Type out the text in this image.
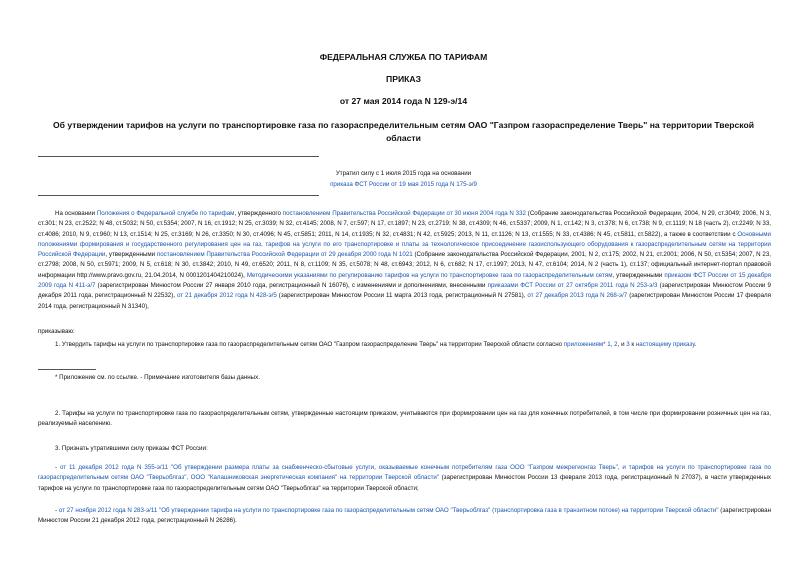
ФЕДЕРАЛЬНАЯ СЛУЖБА ПО ТАРИФАМ
ПРИКАЗ
от 27 мая 2014 года N 129-э/14
Об утверждении тарифов на услуги по транспортировке газа по газораспределительным сетям ОАО "Газпром газораспределение Тверь" на территории Тверской области
Утратил силу с 1 июля 2015 года на основании
приказа ФСТ России от 19 мая 2015 года N 175-э/9
На основании Положения о Федеральной службе по тарифам, утвержденного постановлением Правительства Российской Федерации от 30 июня 2004 года N 332 (Собрание законодательства Российской Федерации, 2004, N 29, ст.3049; 2006, N 3, ст.301; N 23, ст.2522; N 48, ст.5032; N 50, ст.5354; 2007, N 16, ст.1912; N 25, ст.3039; N 32, ст.4145; 2008, N 7, ст.597; N 17, ст.1897; N 23, ст.2719; N 38, ст.4309; N 46, ст.5337; 2009, N 1, ст.142; N 3, ст.378; N 6, ст.738; N 9, ст.1119; N 18 (часть 2), ст.2249; N 33, ст.4086; 2010, N 9, ст.960; N 13, ст.1514; N 25, ст.3169; N 26, ст.3350; N 30, ст.4096; N 45, ст.5851; 2011, N 14, ст.1935; N 32, ст.4831; N 42, ст.5925; 2013, N 11, ст.1126; N 13, ст.1555; N 33, ст.4386; N 45, ст.5811, ст.5822), а также в соответствии с Основными положениями формирования и государственного регулирования цен на газ, тарифов на услуги по его транспортировке и платы за технологическое присоединение газоиспользующего оборудования к газораспределительным сетям на территории Российской Федерации, утвержденными постановлением Правительства Российской Федерации от 29 декабря 2000 года N 1021 (Собрание законодательства Российской Федерации, 2001, N 2, ст.175; 2002, N 21, ст.2001; 2006, N 50, ст.5354; 2007, N 23, ст.2798; 2008, N 50, ст.5971; 2009, N 5, ст.618; N 30, ст.3842; 2010, N 49, ст.6520; 2011, N 8, ст.1109; N 35, ст.5078; N 48, ст.6943; 2012, N 6, ст.682; N 17, ст.1997; 2013, N 47, ст.6104; 2014, N 2 (часть 1), ст.137; официальный интернет-портал правовой информации http://www.pravo.gov.ru, 21.04.2014, N 0001201404210024), Методическими указаниями по регулированию тарифов на услуги по транспортировке газа по газораспределительным сетям, утвержденными приказом ФСТ России от 15 декабря 2009 года N 411-э/7 (зарегистрирован Минюстом России 27 января 2010 года, регистрационный N 16076), с изменениями и дополнениями, внесенными приказами ФСТ России от 27 октября 2011 года N 253-э/3 (зарегистрирован Минюстом России 9 декабря 2011 года, регистрационный N 22532), от 21 декабря 2012 года N 428-э/5 (зарегистрирован Минюстом России 11 марта 2013 года, регистрационный N 27581), от 27 декабря 2013 года N 268-э/7 (зарегистрирован Минюстом России 17 февраля 2014 года, регистрационный N 31340),
приказываю:
1. Утвердить тарифы на услуги по транспортировке газа по газораспределительным сетям ОАО "Газпром газораспределение Тверь" на территории Тверской области согласно приложениям* 1, 2, и 3 к настоящему приказу.
* Приложение см. по ссылке. - Примечание изготовителя базы данных.
2. Тарифы на услуги по транспортировке газа по газораспределительным сетям, утвержденные настоящим приказом, учитываются при формировании цен на газ для конечных потребителей, в том числе при формировании розничных цен на газ, реализуемый населению.
3. Признать утратившими силу приказы ФСТ России:
- от 11 декабря 2012 года N 355-э/11 "Об утверждении размера платы за снабженческо-сбытовые услуги, оказываемые конечным потребителям газа ООО "Газпром межрегионгаз Тверь", и тарифов на услуги по транспортировке газа по газораспределительным сетям ОАО "Тверьоблгаз", ООО "Калашниковская энергетическая компания" на территории Тверской области" (зарегистрирован Минюстом России 13 февраля 2013 года, регистрационный N 27037), в части утвержденных тарифов на услуги по транспортировке газа по газораспределительным сетям ОАО "Тверьоблгаз" на территории Тверской области;
- от 27 ноября 2012 года N 283-э/11 "Об утверждении тарифа на услуги по транспортировке газа по газораспределительным сетям ОАО "Тверьоблгаз" (транспортировка газа в транзитном потоке) на территории Тверской области" (зарегистрирован Минюстом России 21 декабря 2012 года, регистрационный N 26286).
